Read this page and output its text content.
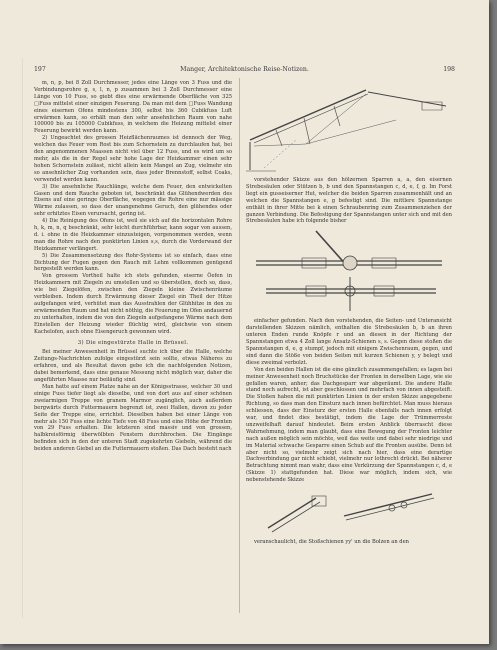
197	Manger, Architektonische Reise-Notizen.	198

m, n, p, bei 8 Zoll Durchmesser, jedes eine Länge von 3 Fuss und die Verbindungsrohre g, s, l, n, p zusammen bei 3 Zoll Durchmesser eine Länge von 10 Fuss, so giebt dies eine erwärmende Oberfläche von 325 □Fuss mittelst einer einzigen Feuerung. Da man mit dem □Fuss Wandung eines eisernen Ofens mindestens 300, selbst bis 360 Cubikfuss Luft erwärmen kann, so erhält man den sehr ansehnlichen Raum von nahe 100000 bis zu 105000 Cubikfuss, in welchem die Heizung mittelst einer Feuerung bewirkt werden kann.

2) Ungeachtet des grossen Heizflächenraumes ist dennoch der Weg, welchen das Feuer vom Rost bis zum Schornstein zu durchlaufen hat, bei den angenommenen Maassen nicht viel über 12 Fuss, und es wird um so mehr, als die in der Regel sehr hohe Lage der Heizkammer einen sehr hohen Schornstein zulässt, nicht allein kein Mangel an Zug, vielmehr ein so ansehnlicher Zug vorhanden sein, dass jeder Brennstoff, selbst Coaks, verwendet werden kann.

3) Die ansehnliche Rauchlänge, welche dem Feuer, den entwickelten Gasen und dem Rauche geboten ist, beschränkt das Glühendwerden des Eisens auf eine geringe Oberfläche, wogegen die Rohre eine nur mässige Wärme zulassen, so dass der unangenehme Geruch, den glühendes oder sehr erhitztes Eisen verursacht, gering ist.

4) Die Reinigung des Ofens ist, weil sie sich auf die horizontalen Rohre h, k, m, n, q beschränkt, sehr leicht durchführbar, kann sogar von aussen, d. i. ohne in die Heizkammer einzusteigen, vorgenommen werden, wenn man die Rohre nach den punktirten Linien s,s, durch die Vorderwand der Heizkammer verlängert.

5) Die Zusammensetzung des Rohr-Systems ist so einfach, dass eine Dichtung der Fugen gegen den Rauch mit Lehm vollkommen genügend hergestellt werden kann.

Von grossem Vortheil halte ich stets gefunden, eiserne Öefen in Heizkammern mit Ziegeln zu umstellen und so überstellen, doch so, dass, wie bei Ziegelöfen, zwischen den Ziegeln kleine Zwischenräume verbleiben. Indem durch Erwärmung dieser Ziegel ein Theil der Hitze aufgefangen wird, verhütet man das Ausstrahlen der Glühhitze in den zu erwärmenden Raum und hat nicht nöthig, die Feuerung im Ofen andauernd zu unterhalten, indem die von den Ziegeln aufgefangene Wärme nach dem Einstellen der Heizung wieder flüchtig wird, gleichwie von einem Kachelofen, auch ohne Eisengeruch gewonnen wird.

3) Die eingestürzte Halle in Brüssel.

Bei meiner Anwesenheit in Brüssel suchte ich über die Halle, welche Zeitungs-Nachrichten zufolge eingestürzt sein sollte, etwas Näheres zu erfahren, und als Resultat davon gebe ich die nachfolgenden Notizen, dabei bemerkend, dass eine genaue Messung nicht möglich war, daher die angeführten Maasse nur beiläufig sind.

Man hatte auf einem Platze nahe an der Königsstrasse, welcher 30 und einige Fuss tiefer liegt als dieselbe, und von dort aus auf einer schönen zweiarmigen Treppe von granem Marmor zugänglich, auch außerdem bergwärts durch Futtermauern begrenzt ist, zwei Hallen, davon zu jeder Seite der Treppe eine, errichtet. Dieselben haben bei einer Länge von mehr als 150 Fuss eine lichte Tiefe von 48 Fuss und eine Höhe der Fronten von 29 Fuss erhalten. Die letzteren sind massiv und von grossen, halbkreisförmig überwölbten Fenstern durchbrochen. Die Eingänge befinden sich in den der unteren Stadt zugekehrten Giebeln, während die beiden anderen Giebel an die Futtermauern stoßen. Das Dach besteht nach

vorstehender Skizze aus den hölzernen Sparren a, a, den eisernen Strebesäulen oder Stützen b, b und den Spannstangen c, d, e, f, g. Im Forst liegt ein gusseiserner Hut, welcher die beiden Sparren zusammenhält und an welchen die Spannstangen e, g befestigt sind. Die mittlere Spannstange enthält in ihrer Mitte bei k einen Schraubenring zum Zusammenziehen der ganzen Verbindung. Die Befestigung der Spannstangen unter sich und mit den Strebesäulen habe ich folgende bisher

einfacher gefunden. Nach den vorstehenden, die Seiten- und Unteransicht darstellenden Skizzen nämlich, enthalten die Strebesäulen b, b an ihren unteren Enden runde Knöpfe r und an diesen in der Richtung der Spannstangen etwa 4 Zoll lange Ansatz-Schienen s, s. Gegen diese stoßen die Spannstangen d, e, g stumpf, jedoch mit einigem Zwischenraum, gegen, und sind dann die Stöße von beiden Seiten mit kurzen Schienen y, y belegt und diese zweimal verbolzt.

Von den beiden Hallen ist die eine gänzlich zusammengefallen; es lagen bei meiner Anwesenheit noch Bruchstücke der Fronten in derselben Lage, wie sie gefallen waren, anher; das Dachgesparr war abgeräumt. Die andere Halle stand noch aufrecht, ist aber geschlossen und mehrfach von innen abgesteift. Die Stoßen haben die mit punktirten Linien in der ersten Skizze angegebene Richtung, so dass man den Einsturz nach innen befürchtet. Man muss hieraus schliessen, dass der Einsturz der ersten Halle ebenfalls nach innen erfolgt war, und findet dies bestätigt, indem die Lage der Trümmerreste unzweifelhaft darauf hindeutet. Beim ersten Anblick überrascht diese Wahrnehmung, indem man glaubt, dass eine Bewegung der Fronten leichter nach außen möglich sein möchte, weil das weite und dabei sehr niedrige und im Material schwache Gesparre einen Schub auf die Fronten ausübe. Denn ist aber nicht so, vielmehr zeigt sich nach hier, dass eine derartige Dachverbindung gar nicht schiebt, vielmehr nur lothrecht drückt. Bei näherer Betrachtung nimmt man wahr, dass eine Verkürzung der Spannstangen c, d, e (Skizze 1) stattgefunden hat. Diese war möglich, indem sich, wie nebenstehende Skizze

veranschaulicht, die Stoßschienen yy' un die Bolzen an den
